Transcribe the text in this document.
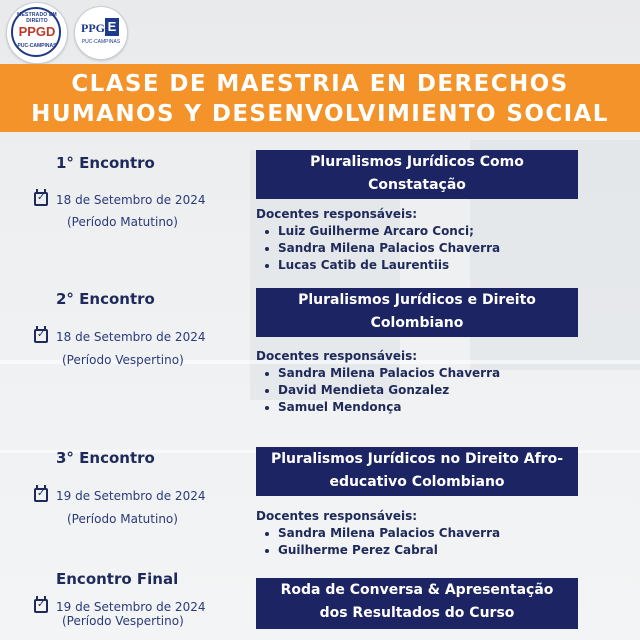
MESTRADO EM DIREITO
PPGD
PUC-CAMPINAS
PPG E
PUC-CAMPINAS
CLASE DE MAESTRIA EN DERECHOS
HUMANOS Y DESENVOLVIMIENTO SOCIAL
1° Encontro
✓18 de Setembro de 2024
(Período Matutino)
Pluralismos Jurídicos Como
Constatação
Docentes responsáveis:
Luiz Guilherme Arcaro Conci;
Sandra Milena Palacios Chaverra
Lucas Catib de Laurentiis
2° Encontro
✓18 de Setembro de 2024
(Período Vespertino)
Pluralismos Jurídicos e Direito
Colombiano
Docentes responsáveis:
Sandra Milena Palacios Chaverra
David Mendieta Gonzalez
Samuel Mendonça
3° Encontro
✓19 de Setembro de 2024
(Período Matutino)
Pluralismos Jurídicos no Direito Afro-
educativo Colombiano
Docentes responsáveis:
Sandra Milena Palacios Chaverra
Guilherme Perez Cabral
Encontro Final
✓19 de Setembro de 2024
(Período Vespertino)
Roda de Conversa & Apresentação
dos Resultados do Curso
